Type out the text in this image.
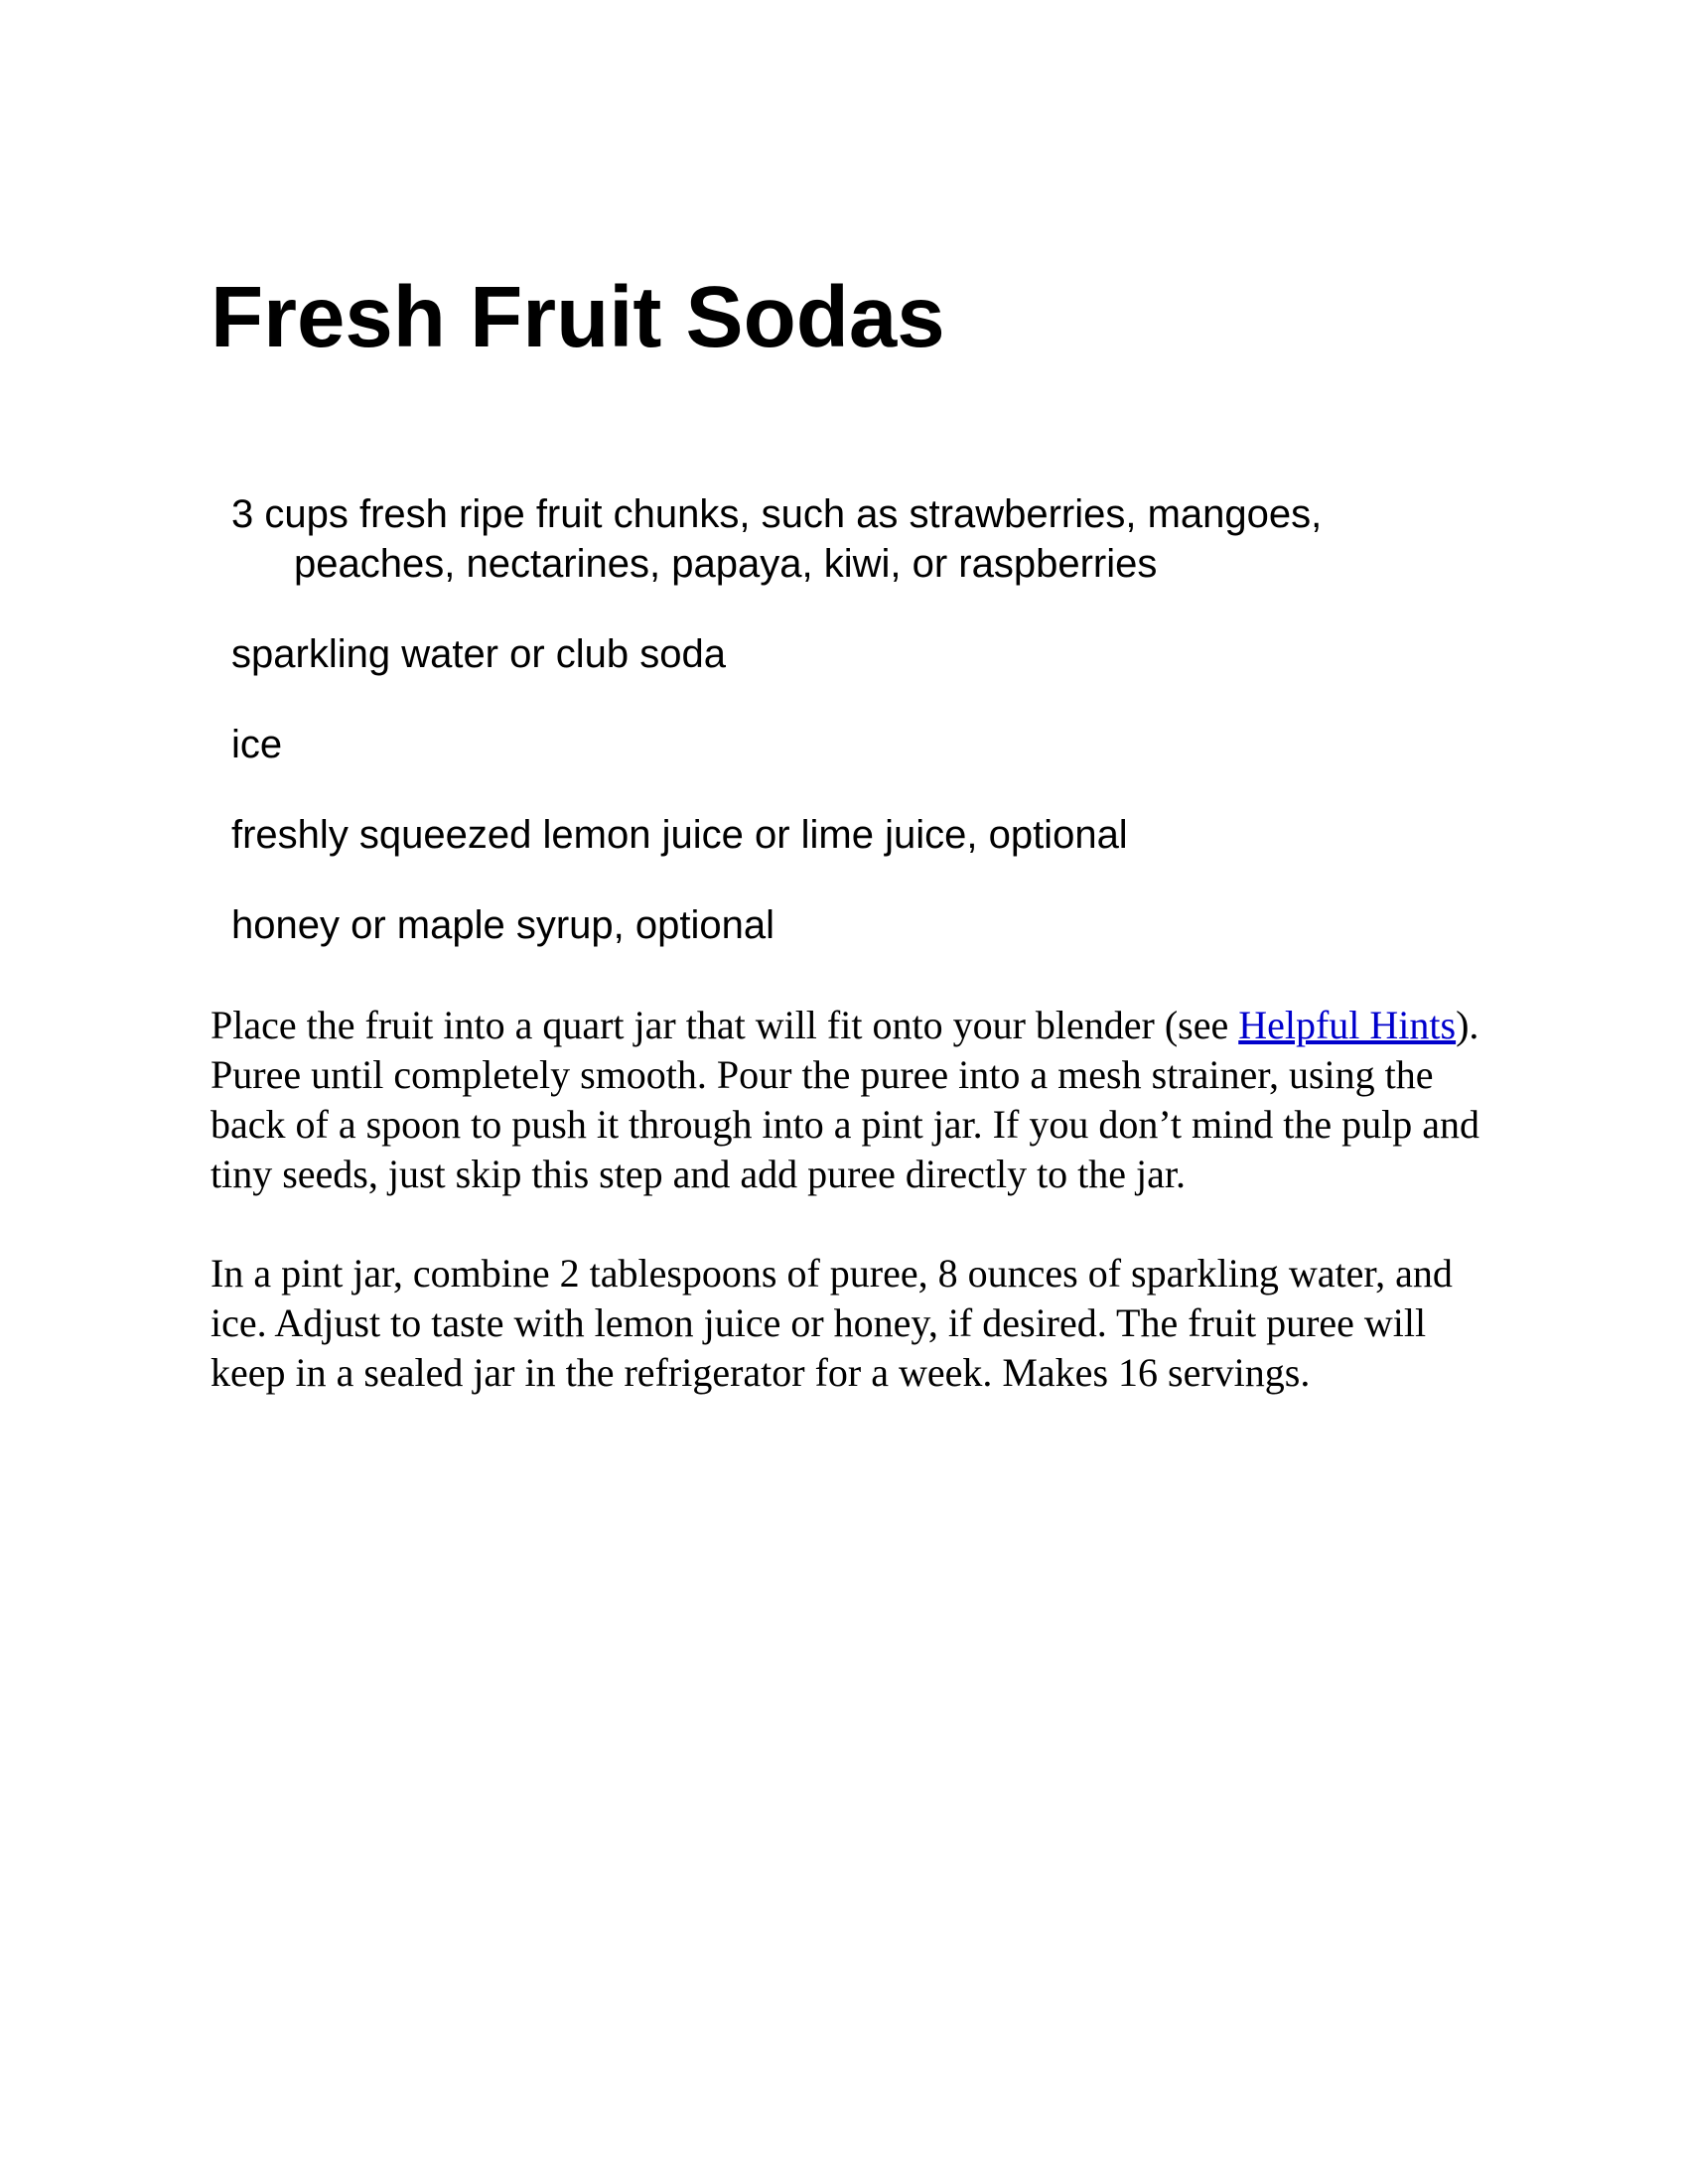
Fresh Fruit Sodas
3 cups fresh ripe fruit chunks, such as strawberries, mangoes, peaches, nectarines, papaya, kiwi, or raspberries
sparkling water or club soda
ice
freshly squeezed lemon juice or lime juice, optional
honey or maple syrup, optional

Place the fruit into a quart jar that will fit onto your blender (see Helpful Hints). Puree until completely smooth. Pour the puree into a mesh strainer, using the back of a spoon to push it through into a pint jar. If you don’t mind the pulp and tiny seeds, just skip this step and add puree directly to the jar.

In a pint jar, combine 2 tablespoons of puree, 8 ounces of sparkling water, and ice. Adjust to taste with lemon juice or honey, if desired. The fruit puree will keep in a sealed jar in the refrigerator for a week. Makes 16 servings.
